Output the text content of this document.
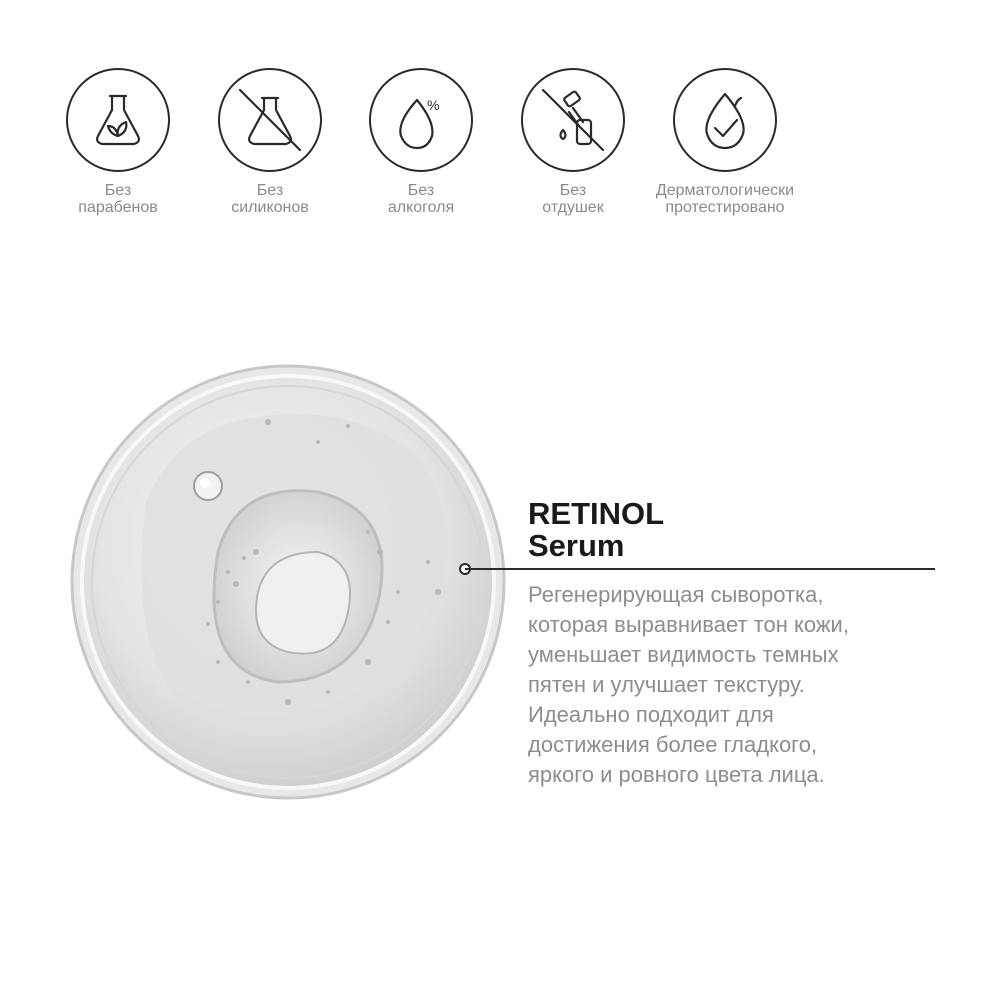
Без
парабенов
Без
силиконов
%
Без
алкоголя
Без
отдушек
Дерматологически
протестировано
RETINOL
Serum
Регенерирующая сыворотка,
которая выравнивает тон кожи,
уменьшает видимость темных
пятен и улучшает текстуру.
Идеально подходит для
достижения более гладкого,
яркого и ровного цвета лица.
